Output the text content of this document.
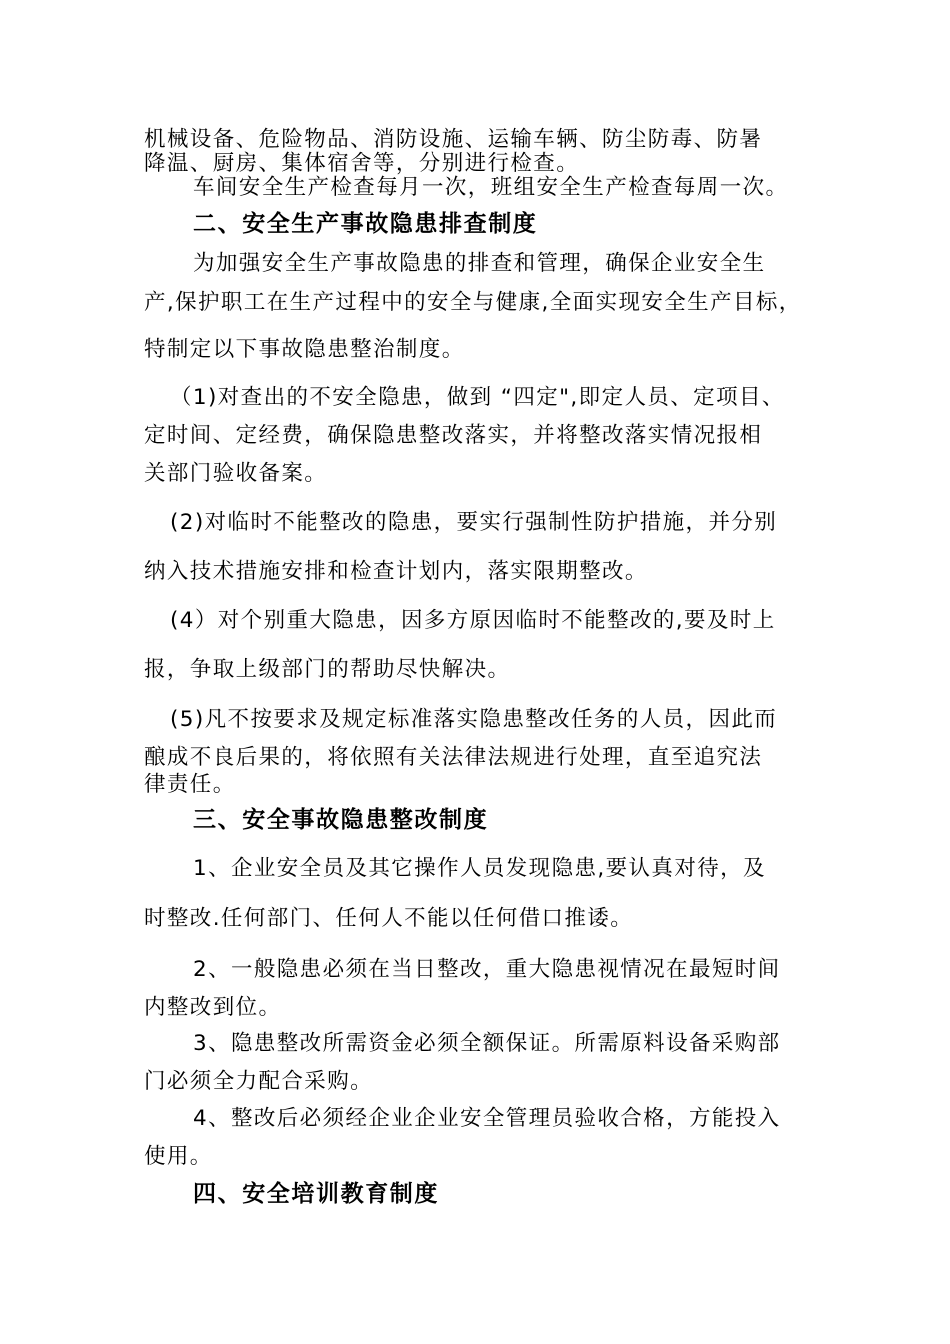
机械设备、危险物品、消防设施、运输车辆、防尘防毒、防暑
降温、厨房、集体宿舍等，分别进行检查。
车间安全生产检查每月一次，班组安全生产检查每周一次。
二、安全生产事故隐患排查制度
为加强安全生产事故隐患的排查和管理，确保企业安全生
产,保护职工在生产过程中的安全与健康,全面实现安全生产目标，
特制定以下事故隐患整治制度。
（1)对查出的不安全隐患，做到 “四定",即定人员、定项目、
定时间、定经费，确保隐患整改落实，并将整改落实情况报相
关部门验收备案。
(2)对临时不能整改的隐患，要实行强制性防护措施，并分别
纳入技术措施安排和检查计划内，落实限期整改。
(4）对个别重大隐患，因多方原因临时不能整改的,要及时上
报，争取上级部门的帮助尽快解决。
(5)凡不按要求及规定标准落实隐患整改任务的人员，因此而
酿成不良后果的，将依照有关法律法规进行处理，直至追究法
律责任。
三、安全事故隐患整改制度
1、企业安全员及其它操作人员发现隐患,要认真对待，及
时整改.任何部门、任何人不能以任何借口推诿。
2、一般隐患必须在当日整改，重大隐患视情况在最短时间
内整改到位。
3、隐患整改所需资金必须全额保证。所需原料设备采购部
门必须全力配合采购。
4、整改后必须经企业企业安全管理员验收合格，方能投入
使用。
四、安全培训教育制度
